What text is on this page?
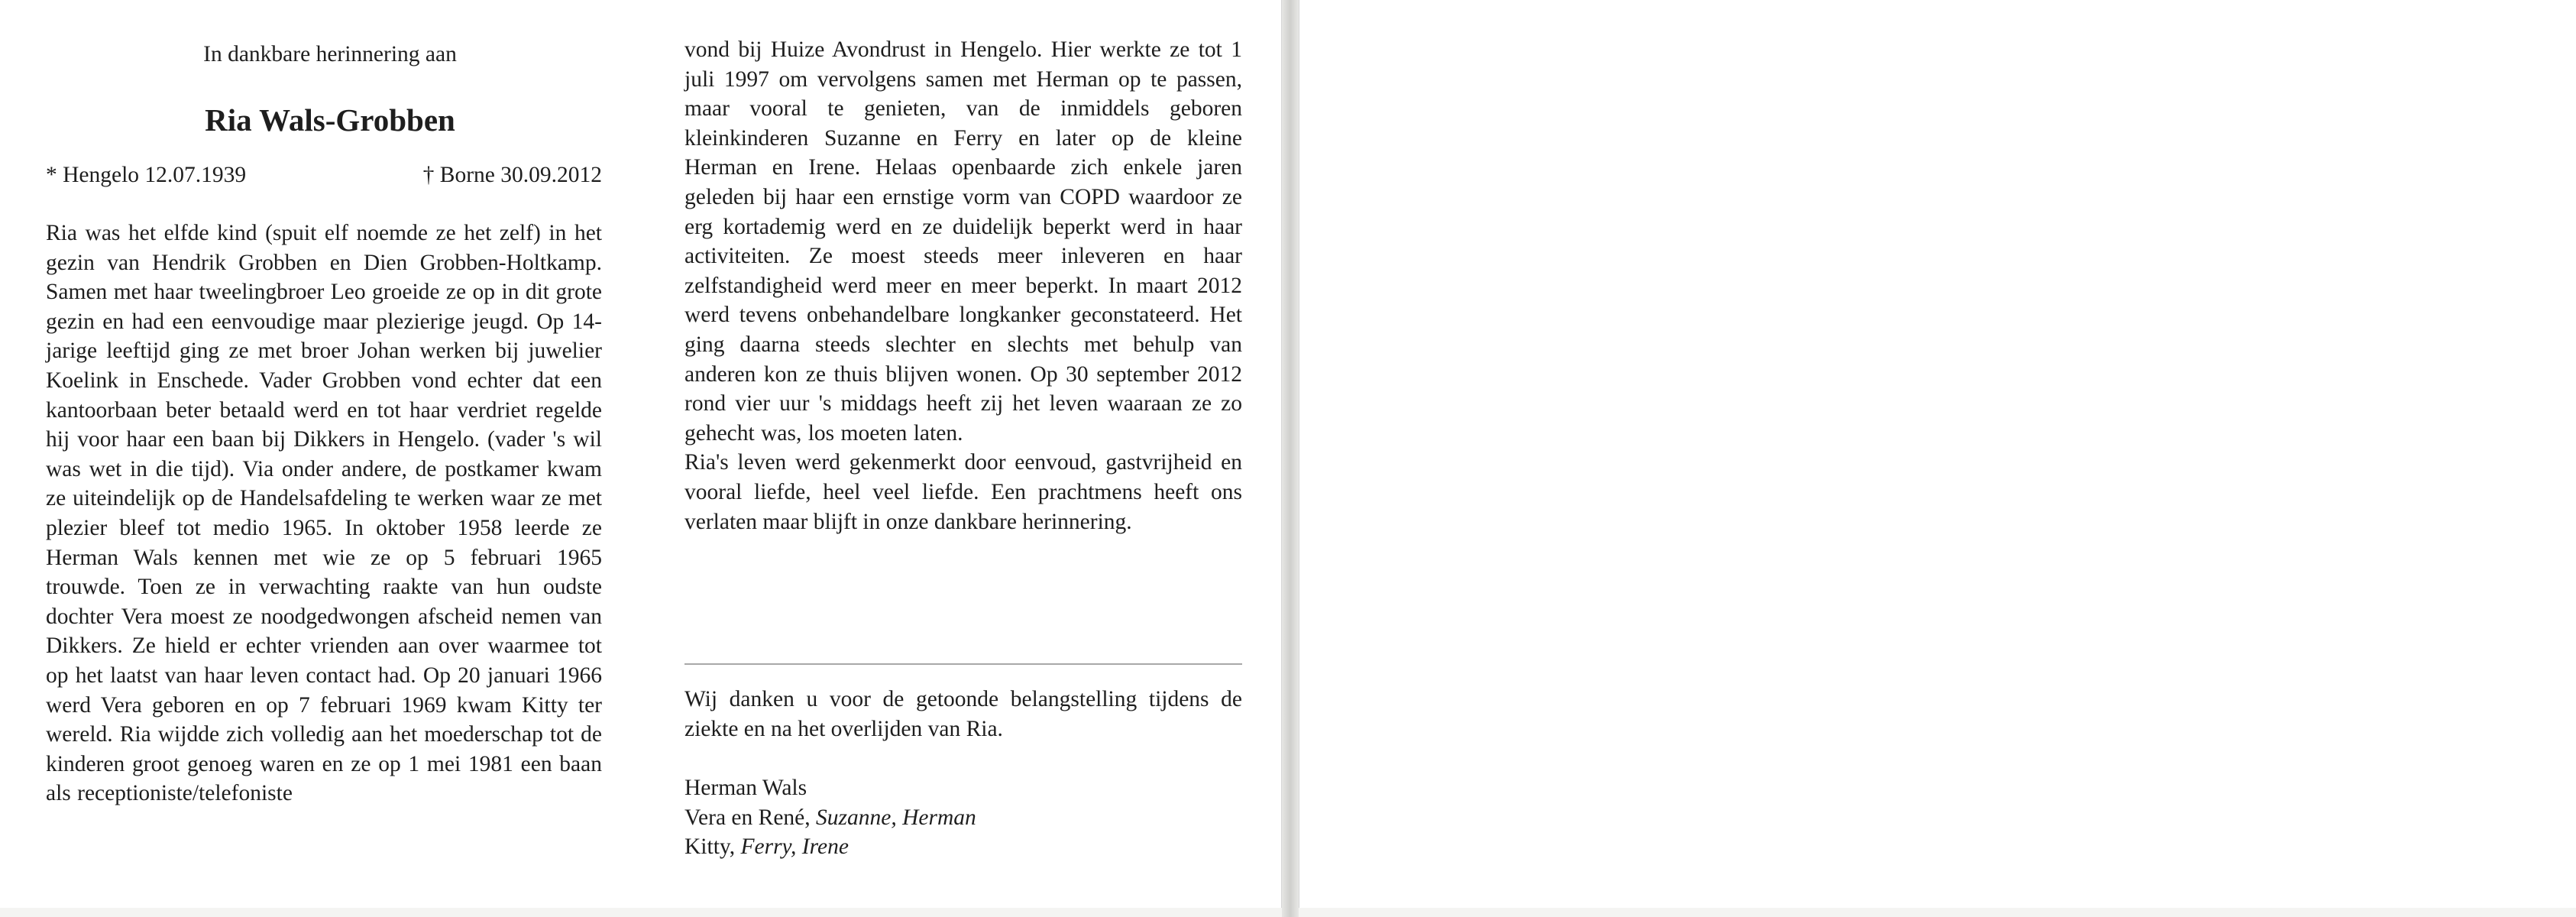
In dankbare herinnering aan

Ria Wals-Grobben

* Hengelo 12.07.1939	† Borne 30.09.2012

Ria was het elfde kind (spuit elf noemde ze het zelf) in het gezin van Hendrik Grobben en Dien Grobben-Holtkamp. Samen met haar tweelingbroer Leo groeide ze op in dit grote gezin en had een eenvoudige maar plezierige jeugd. Op 14-jarige leeftijd ging ze met broer Johan werken bij juwelier Koelink in Enschede. Vader Grobben vond echter dat een kantoorbaan beter betaald werd en tot haar verdriet regelde hij voor haar een baan bij Dikkers in Hengelo. (vader 's wil was wet in die tijd). Via onder andere, de postkamer kwam ze uiteindelijk op de Handelsafdeling te werken waar ze met plezier bleef tot medio 1965. In oktober 1958 leerde ze Herman Wals kennen met wie ze op 5 februari 1965 trouwde. Toen ze in verwachting raakte van hun oudste dochter Vera moest ze noodgedwongen afscheid nemen van Dikkers. Ze hield er echter vrienden aan over waarmee tot op het laatst van haar leven contact had. Op 20 januari 1966 werd Vera geboren en op 7 februari 1969 kwam Kitty ter wereld. Ria wijdde zich volledig aan het moederschap tot de kinderen groot genoeg waren en ze op 1 mei 1981 een baan als receptioniste/telefoniste

vond bij Huize Avondrust in Hengelo. Hier werkte ze tot 1 juli 1997 om vervolgens samen met Herman op te passen, maar vooral te genieten, van de inmiddels geboren kleinkinderen Suzanne en Ferry en later op de kleine Herman en Irene. Helaas openbaarde zich enkele jaren geleden bij haar een ernstige vorm van COPD waardoor ze erg kortademig werd en ze duidelijk beperkt werd in haar activiteiten. Ze moest steeds meer inleveren en haar zelfstandigheid werd meer en meer beperkt. In maart 2012 werd tevens onbehandelbare longkanker geconstateerd. Het ging daarna steeds slechter en slechts met behulp van anderen kon ze thuis blijven wonen. Op 30 september 2012 rond vier uur 's middags heeft zij het leven waaraan ze zo gehecht was, los moeten laten.

Ria's leven werd gekenmerkt door eenvoud, gastvrijheid en vooral liefde, heel veel liefde. Een prachtmens heeft ons verlaten maar blijft in onze dankbare herinnering.

Wij danken u voor de getoonde belangstelling tijdens de ziekte en na het overlijden van Ria.

Herman Wals

Vera en René, Suzanne, Herman

Kitty, Ferry, Irene
